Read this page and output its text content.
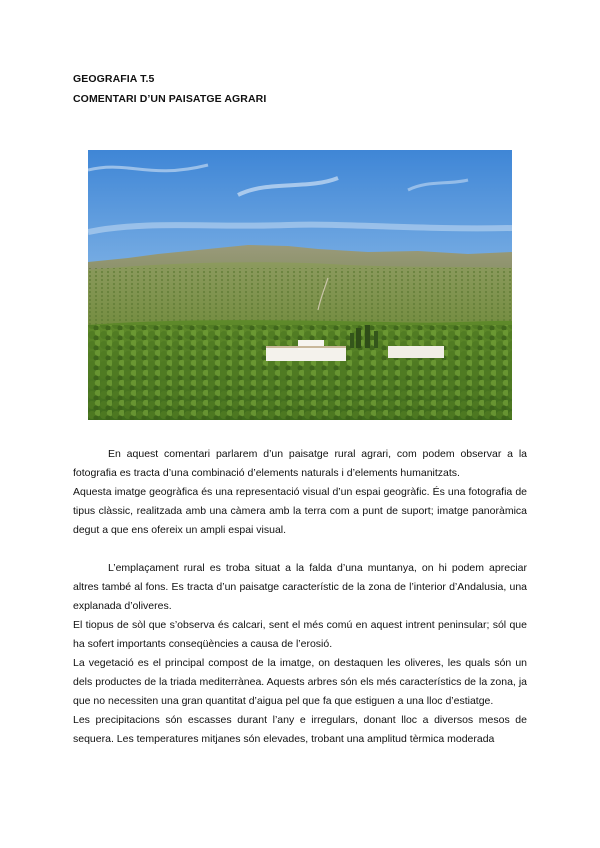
GEOGRAFIA T.5

COMENTARI D’UN PAISATGE AGRARI

En aquest comentari parlarem d’un paisatge rural agrari, com podem observar a la fotografia es tracta d’una combinació d’elements naturals i d’elements humanitzats.

Aquesta imatge geogràfica és una representació visual d’un espai geogràfic. És una fotografia de tipus clàssic, realitzada amb una càmera amb la terra com a punt de suport; imatge panoràmica degut a que ens ofereix un ampli espai visual.

L’emplaçament rural es troba situat a la falda d’una muntanya, on hi podem apreciar altres també al fons. Es tracta d’un paisatge característic de la zona de l’interior d’Andalusia, una explanada d’oliveres.

El tiopus de sòl que s’observa és calcari, sent el més comú en aquest intrent peninsular; sól que ha sofert importants conseqüències a causa de l’erosió.

La vegetació es el principal compost de la imatge, on destaquen les oliveres, les quals són un dels productes de la triada mediterrànea. Aquests arbres són els més característics de la zona, ja que no necessiten una gran quantitat d’aigua pel que fa que estiguen a una lloc d’estiatge.

Les precipitacions són escasses durant l’any e irregulars, donant lloc a diversos mesos de sequera. Les temperatures mitjanes són elevades, trobant una amplitud tèrmica moderada
